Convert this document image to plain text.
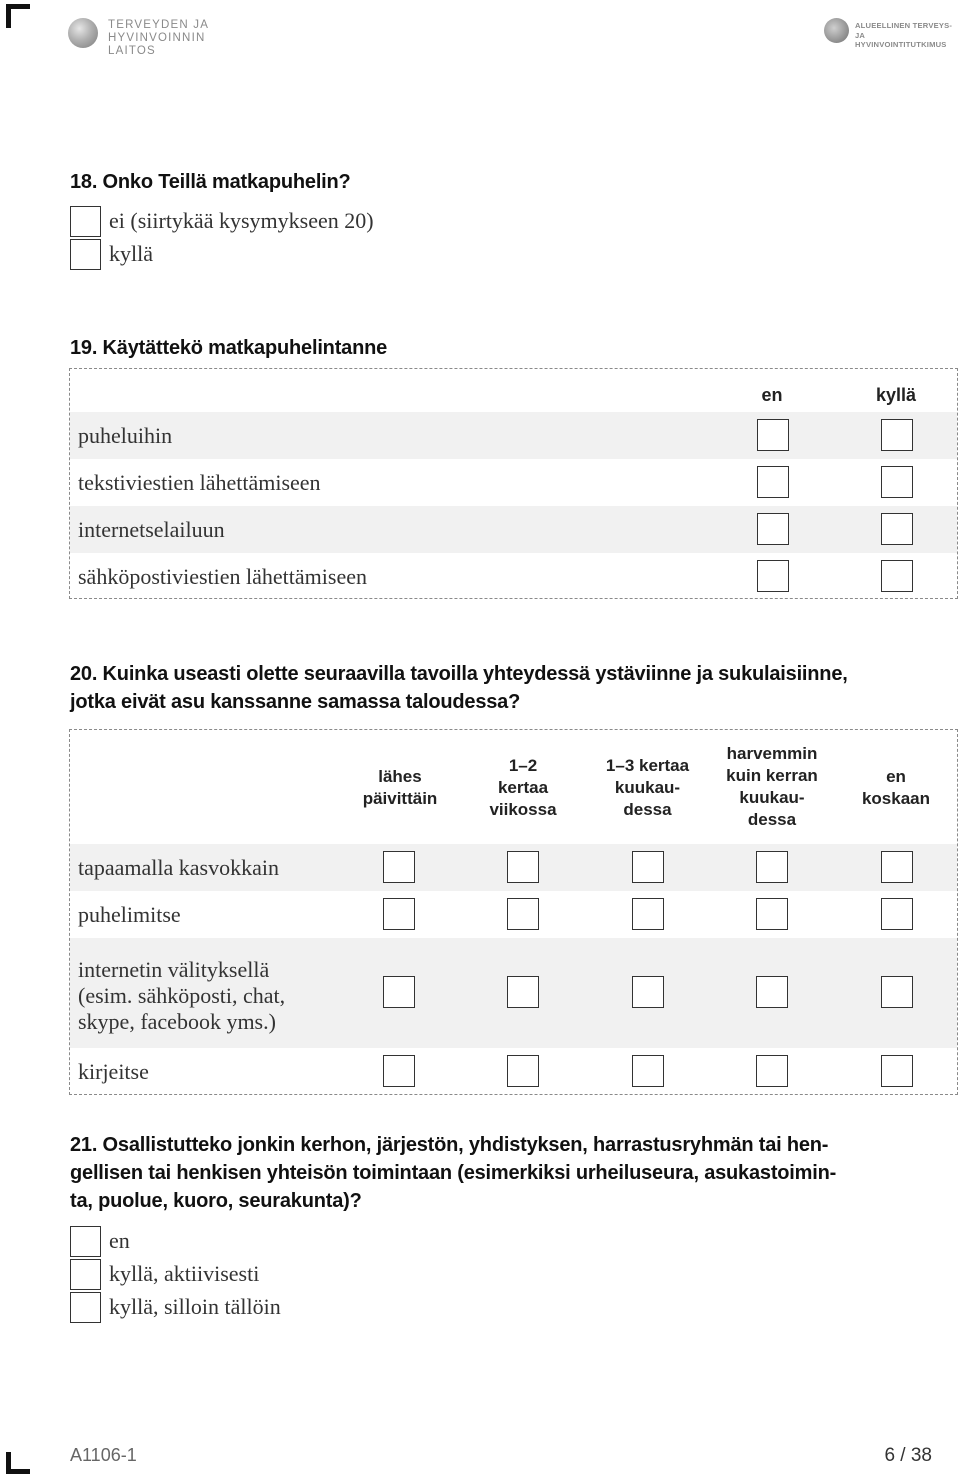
TERVEYDEN JA
HYVINVOINNIN LAITOS
ALUEELLINEN TERVEYS-
JA HYVINVOINTITUTKIMUS
18. Onko Teillä matkapuhelin?
ei (siirtykää kysymykseen 20)
kyllä
19. Käytättekö matkapuhelintanne
en	kyllä
puheluihin
tekstiviestien lähettämiseen
internetselailuun
sähköpostiviestien lähettämiseen
20. Kuinka useasti olette seuraavilla tavoilla yhteydessä ystäviinne ja sukulaisiinne,
jotka eivät asu kanssanne samassa taloudessa?
lähes
päivittäin
1–2
kertaa
viikossa
1–3 kertaa
kuukau-
dessa
harvemmin
kuin kerran
kuukau-
dessa
en
koskaan
tapaamalla kasvokkain
puhelimitse
internetin välityksellä
(esim. sähköposti, chat,
skype, facebook yms.)
kirjeitse
21. Osallistutteko jonkin kerhon, järjestön, yhdistyksen, harrastusryhmän tai hen-
gellisen tai henkisen yhteisön toimintaan (esimerkiksi urheiluseura, asukastoimin-
ta, puolue, kuoro, seurakunta)?
en
kyllä, aktiivisesti
kyllä, silloin tällöin
A1106-1	6 / 38
